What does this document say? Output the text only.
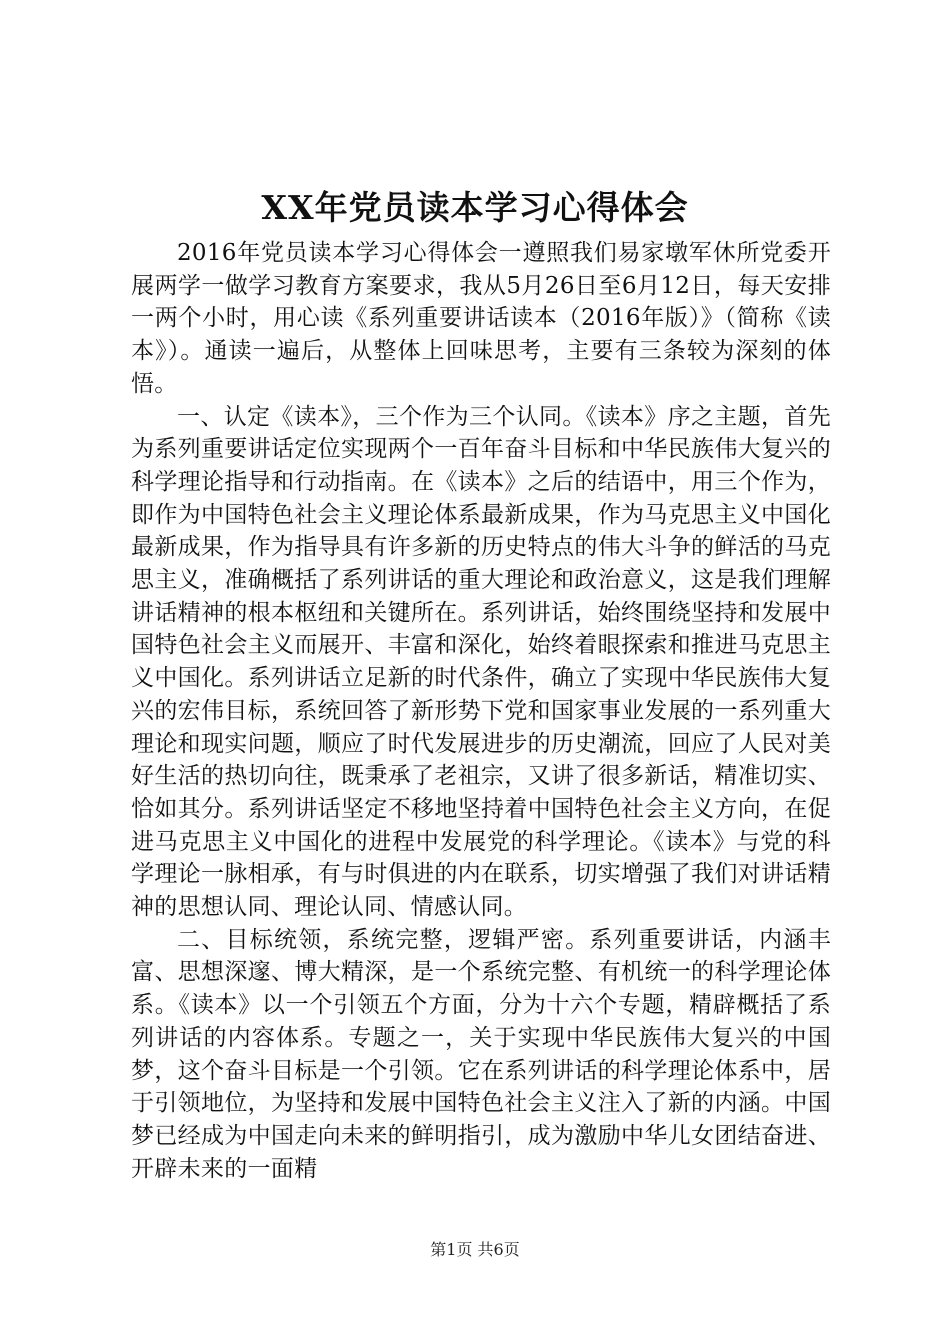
XX年党员读本学习心得体会

2016年党员读本学习心得体会一遵照我们易家墩军休所党委开展两学一做学习教育方案要求，我从5月26日至6月12日，每天安排一两个小时，用心读《系列重要讲话读本（2016年版）》（简称《读本》）。通读一遍后，从整体上回味思考，主要有三条较为深刻的体悟。

一、认定《读本》，三个作为三个认同。《读本》序之主题，首先为系列重要讲话定位实现两个一百年奋斗目标和中华民族伟大复兴的科学理论指导和行动指南。在《读本》之后的结语中，用三个作为，即作为中国特色社会主义理论体系最新成果，作为马克思主义中国化最新成果，作为指导具有许多新的历史特点的伟大斗争的鲜活的马克思主义，准确概括了系列讲话的重大理论和政治意义，这是我们理解讲话精神的根本枢纽和关键所在。系列讲话，始终围绕坚持和发展中国特色社会主义而展开、丰富和深化，始终着眼探索和推进马克思主义中国化。系列讲话立足新的时代条件，确立了实现中华民族伟大复兴的宏伟目标，系统回答了新形势下党和国家事业发展的一系列重大理论和现实问题，顺应了时代发展进步的历史潮流，回应了人民对美好生活的热切向往，既秉承了老祖宗，又讲了很多新话，精准切实、恰如其分。系列讲话坚定不移地坚持着中国特色社会主义方向，在促进马克思主义中国化的进程中发展党的科学理论。《读本》与党的科学理论一脉相承，有与时俱进的内在联系，切实增强了我们对讲话精神的思想认同、理论认同、情感认同。

二、目标统领，系统完整，逻辑严密。系列重要讲话，内涵丰富、思想深邃、博大精深，是一个系统完整、有机统一的科学理论体系。《读本》以一个引领五个方面，分为十六个专题，精辟概括了系列讲话的内容体系。专题之一，关于实现中华民族伟大复兴的中国梦，这个奋斗目标是一个引领。它在系列讲话的科学理论体系中，居于引领地位，为坚持和发展中国特色社会主义注入了新的内涵。中国梦已经成为中国走向未来的鲜明指引，成为激励中华儿女团结奋进、开辟未来的一面精

第1页 共6页
